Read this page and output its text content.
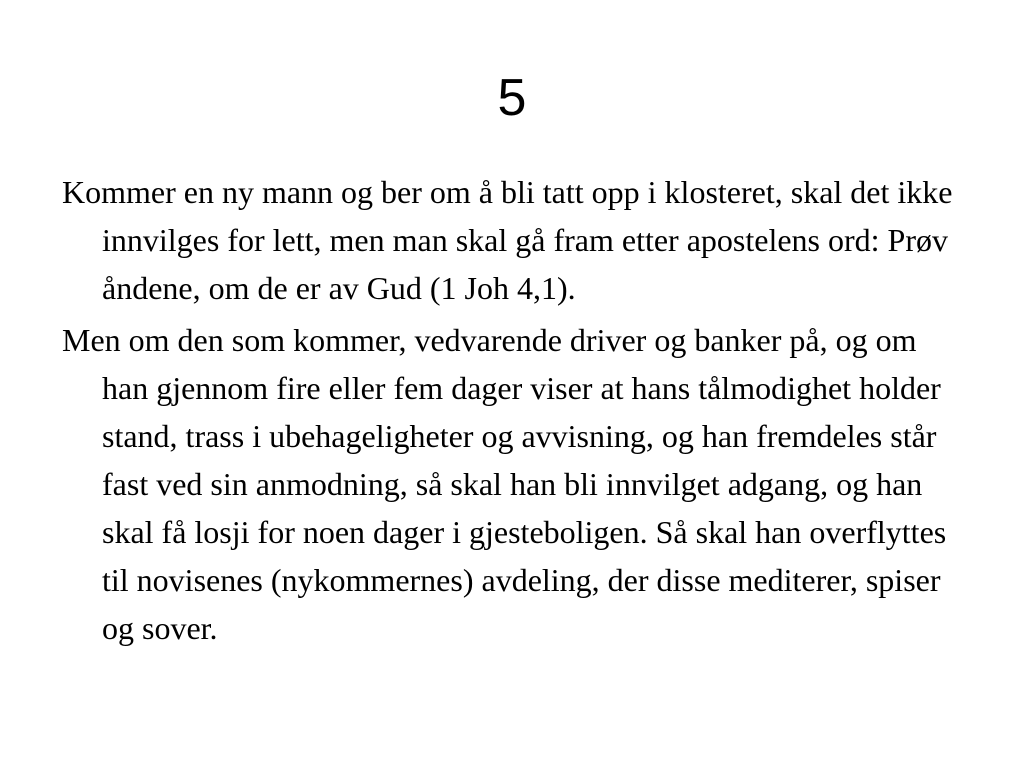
5
Kommer en ny mann og ber om å bli tatt opp i klosteret, skal det ikke innvilges for lett, men man skal gå fram etter apostelens ord: Prøv åndene, om de er av Gud (1 Joh 4,1).
Men om den som kommer, vedvarende driver og banker på, og om han gjennom fire eller fem dager viser at hans tålmodighet holder stand, trass i ubehageligheter og avvisning, og han fremdeles står fast ved sin anmodning, så skal han bli innvilget adgang, og han skal få losji for noen dager i gjesteboligen. Så skal han overflyttes til novisenes (nykommernes) avdeling, der disse mediterer, spiser og sover.
